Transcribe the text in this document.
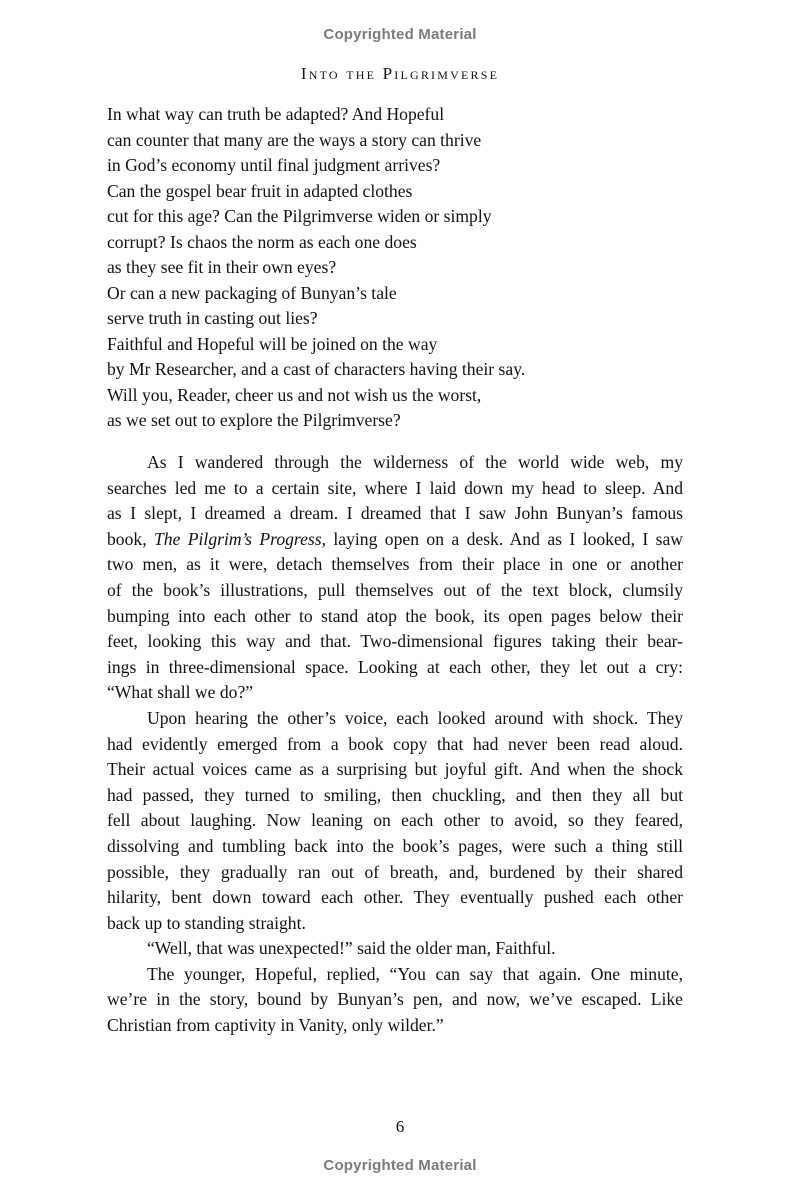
Copyrighted Material
Into the Pilgrimverse
In what way can truth be adapted? And Hopeful
can counter that many are the ways a story can thrive
in God’s economy until final judgment arrives?
Can the gospel bear fruit in adapted clothes
cut for this age? Can the Pilgrimverse widen or simply
corrupt? Is chaos the norm as each one does
as they see fit in their own eyes?
Or can a new packaging of Bunyan’s tale
serve truth in casting out lies?
Faithful and Hopeful will be joined on the way
by Mr Researcher, and a cast of characters having their say.
Will you, Reader, cheer us and not wish us the worst,
as we set out to explore the Pilgrimverse?
As I wandered through the wilderness of the world wide web, my
searches led me to a certain site, where I laid down my head to sleep. And
as I slept, I dreamed a dream. I dreamed that I saw John Bunyan’s famous
book, The Pilgrim’s Progress, laying open on a desk. And as I looked, I saw
two men, as it were, detach themselves from their place in one or another
of the book’s illustrations, pull themselves out of the text block, clumsily
bumping into each other to stand atop the book, its open pages below their
feet, looking this way and that. Two-dimensional figures taking their bear-
ings in three-dimensional space. Looking at each other, they let out a cry:
“What shall we do?”
Upon hearing the other’s voice, each looked around with shock. They
had evidently emerged from a book copy that had never been read aloud.
Their actual voices came as a surprising but joyful gift. And when the shock
had passed, they turned to smiling, then chuckling, and then they all but
fell about laughing. Now leaning on each other to avoid, so they feared,
dissolving and tumbling back into the book’s pages, were such a thing still
possible, they gradually ran out of breath, and, burdened by their shared
hilarity, bent down toward each other. They eventually pushed each other
back up to standing straight.
“Well, that was unexpected!” said the older man, Faithful.
The younger, Hopeful, replied, “You can say that again. One minute,
we’re in the story, bound by Bunyan’s pen, and now, we’ve escaped. Like
Christian from captivity in Vanity, only wilder.”
6
Copyrighted Material
